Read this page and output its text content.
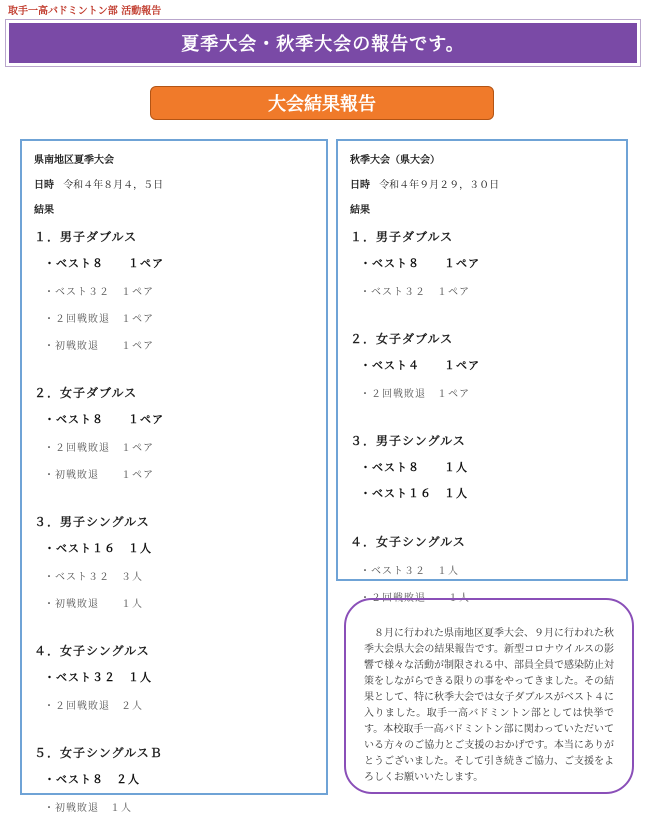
取手一高バドミントン部 活動報告
夏季大会・秋季大会の報告です。
大会結果報告
県南地区夏季大会
日時 令和４年８月４，５日
結果
１．男子ダブルス
・ベスト８　　１ペア
・ベスト３２　１ペア
・２回戦敗退　１ペア
・初戦敗退　　１ペア
２．女子ダブルス
・ベスト８　　１ペア
・２回戦敗退　１ペア
・初戦敗退　　１ペア
３．男子シングルス
・ベスト１６　１人
・ベスト３２　３人
・初戦敗退　　１人
４．女子シングルス
・ベスト３２　１人
・２回戦敗退　２人
５．女子シングルスＢ
・ベスト８　２人
・初戦敗退　１人
秋季大会（県大会）
日時 令和４年９月２９，３０日
結果
１．男子ダブルス
・ベスト８　　１ペア
・ベスト３２　１ペア
２．女子ダブルス
・ベスト４　　１ペア
・２回戦敗退　１ペア
３．男子シングルス
・ベスト８　　１人
・ベスト１６　１人
４．女子シングルス
・ベスト３２　１人
・２回戦敗退　　１人
　８月に行われた県南地区夏季大会、９月に行われた秋季大会県大会の結果報告です。新型コロナウイルスの影響で様々な活動が制限される中、部員全員で感染防止対策をしながらできる限りの事をやってきました。その結果として、特に秋季大会では女子ダブルスがベスト４に入りました。取手一高バドミントン部としては快挙です。本校取手一高バドミントン部に関わっていただいている方々のご協力とご支援のおかげです。本当にありがとうございました。そして引き続きご協力、ご支援をよろしくお願いいたします。
